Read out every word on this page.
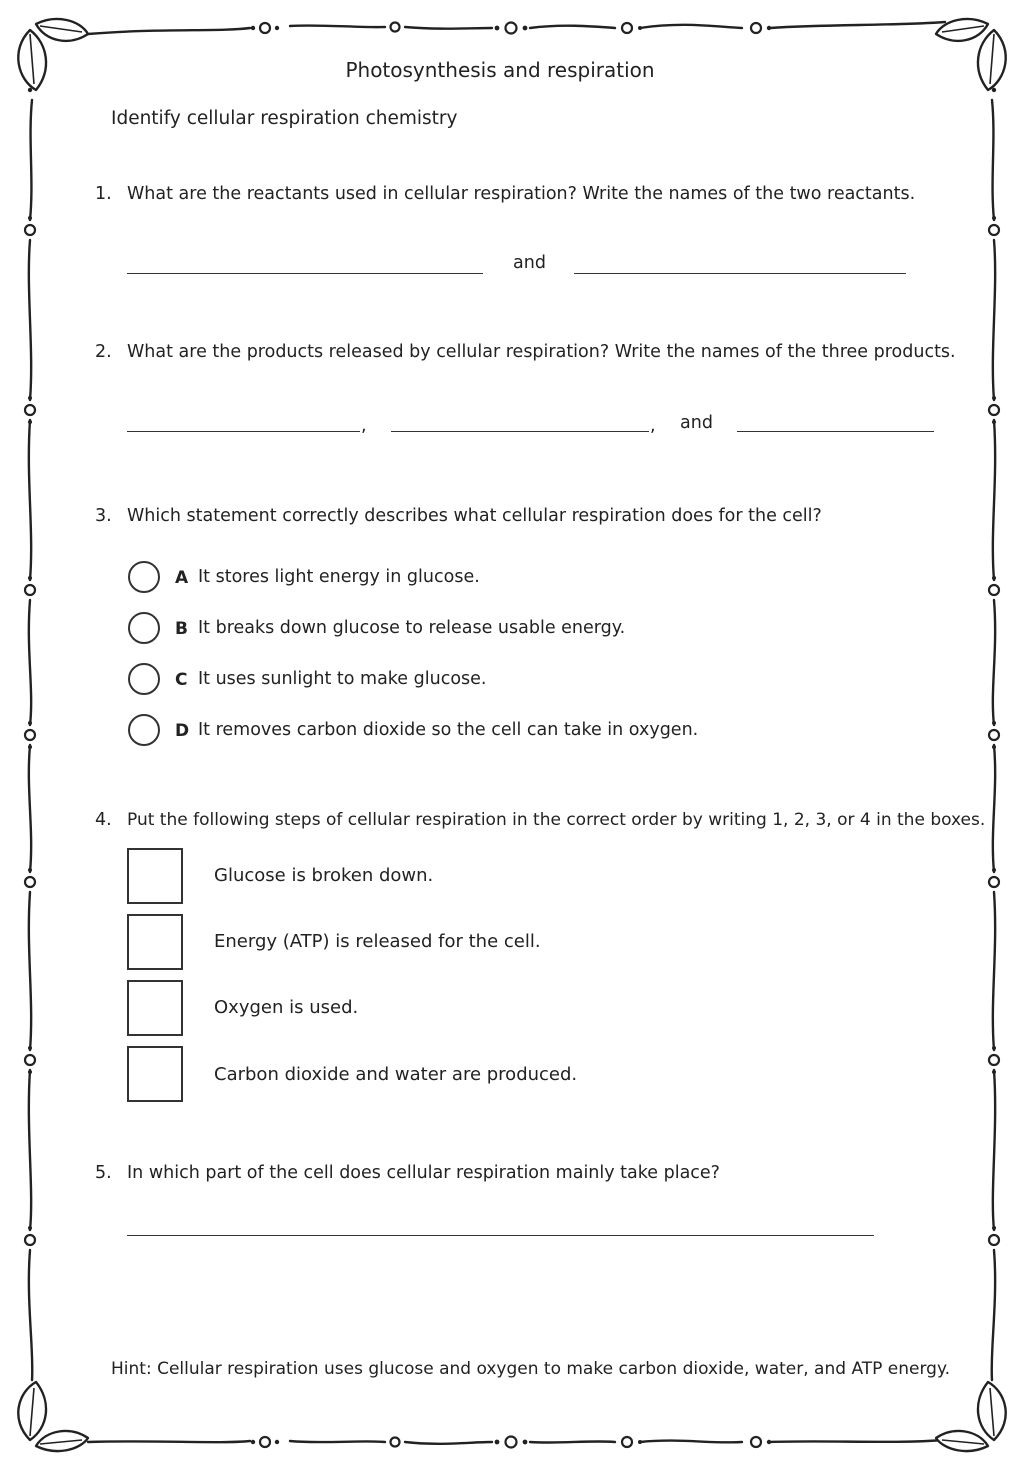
Photosynthesis and respiration
Identify cellular respiration chemistry
1. What are the reactants used in cellular respiration? Write the names of the two reactants.
and
2. What are the products released by cellular respiration? Write the names of the three products.
,	, and
3. Which statement correctly describes what cellular respiration does for the cell?
A It stores light energy in glucose.
B It breaks down glucose to release usable energy.
C It uses sunlight to make glucose.
D It removes carbon dioxide so the cell can take in oxygen.
4. Put the following steps of cellular respiration in the correct order by writing 1, 2, 3, or 4 in the boxes.
Glucose is broken down.
Energy (ATP) is released for the cell.
Oxygen is used.
Carbon dioxide and water are produced.
5. In which part of the cell does cellular respiration mainly take place?
Hint: Cellular respiration uses glucose and oxygen to make carbon dioxide, water, and ATP energy.
